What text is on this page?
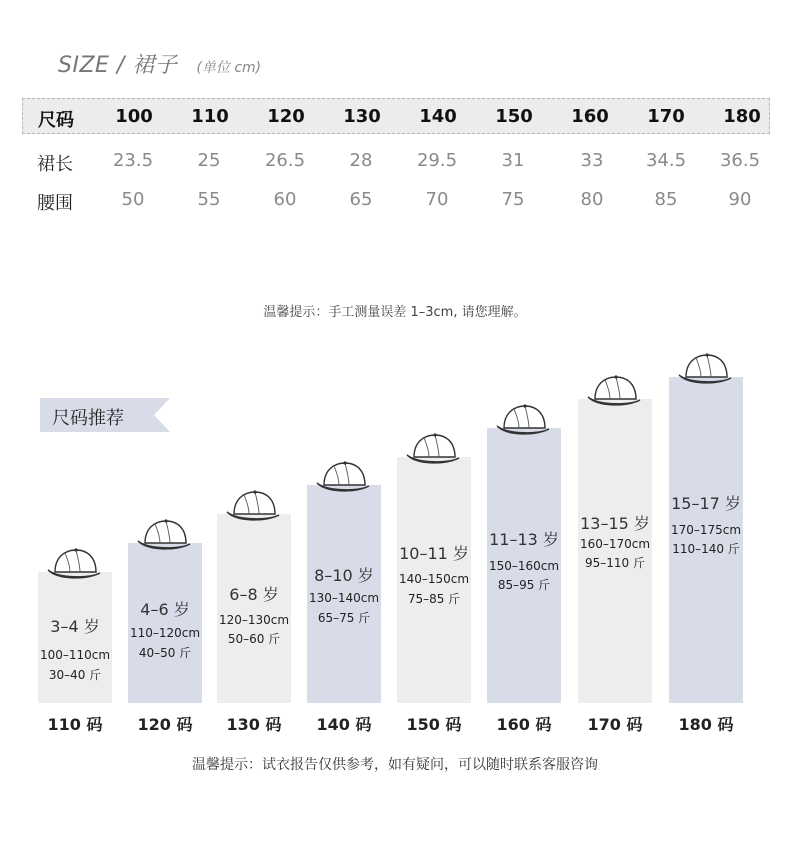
SIZE / 裙子 (单位 cm)
尺码 100 110 120 130 140 150 160 170 180
裙长 23.5 25 26.5 28 29.5 31	33 34.5 36.5
腰围	50	55	60	65	70	75	80	85	90
温馨提示：手工测量误差 1–3cm, 请您理解。
尺码推荐
3–4 岁
100–110cm
30–40 斤
4–6 岁
110–120cm
40–50 斤
6–8 岁
120–130cm
50–60 斤
8–10 岁
130–140cm
65–75 斤
10–11 岁
140–150cm
75–85 斤
11–13 岁
150–160cm
85–95 斤
13–15 岁
160–170cm
95–110 斤
15–17 岁
170–175cm
110–140 斤
110 码	120 码	130 码	140 码	150 码	160 码	170 码	180 码
温馨提示：试衣报告仅供参考，如有疑问，可以随时联系客服咨询
